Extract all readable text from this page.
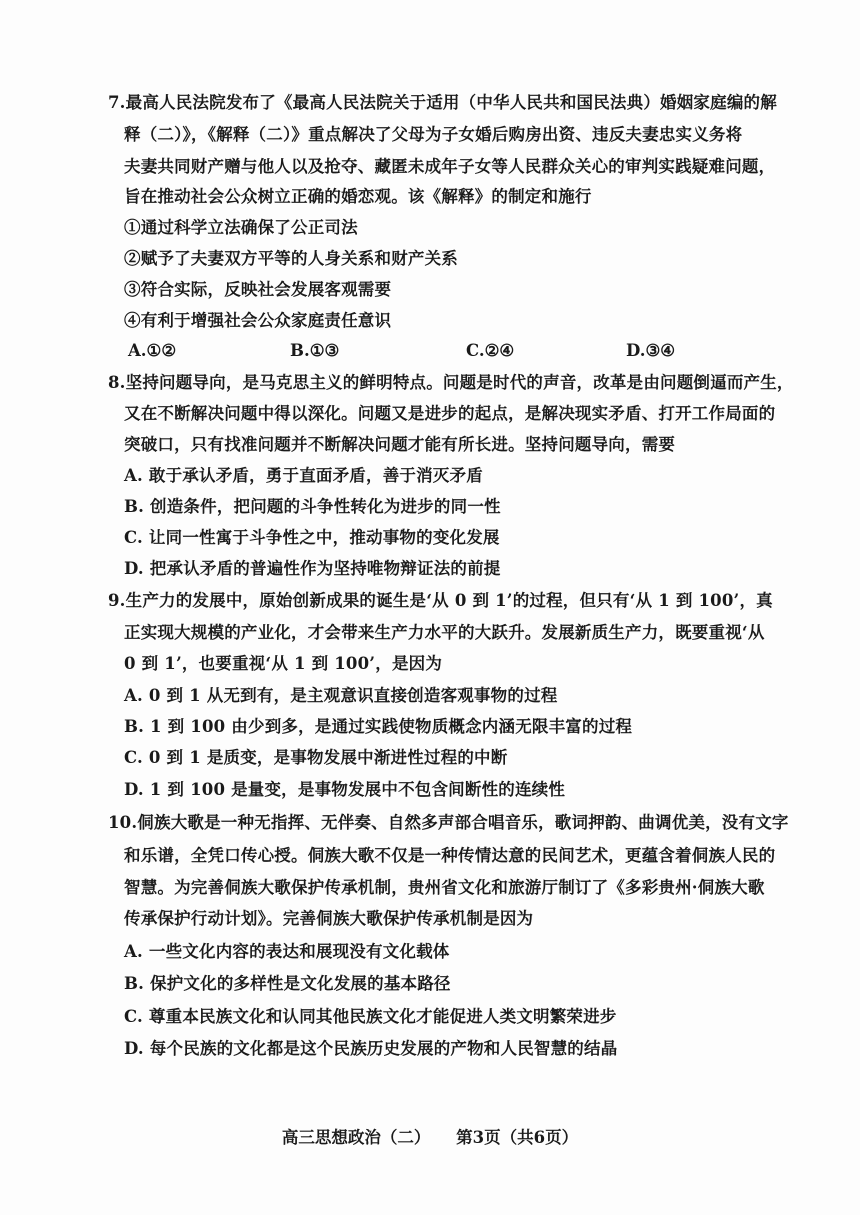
7.最高人民法院发布了《最高人民法院关于适用（中华人民共和国民法典）婚姻家庭编的解
释（二）》，《解释（二）》重点解决了父母为子女婚后购房出资、违反夫妻忠实义务将
夫妻共同财产赠与他人以及抢夺、藏匿未成年子女等人民群众关心的审判实践疑难问题，
旨在推动社会公众树立正确的婚恋观。该《解释》的制定和施行
①通过科学立法确保了公正司法
②赋予了夫妻双方平等的人身关系和财产关系
③符合实际，反映社会发展客观需要
④有利于增强社会公众家庭责任意识
A.①②	B.①③	C.②④	D.③④
8.坚持问题导向，是马克思主义的鲜明特点。问题是时代的声音，改革是由问题倒逼而产生，
又在不断解决问题中得以深化。问题又是进步的起点，是解决现实矛盾、打开工作局面的
突破口，只有找准问题并不断解决问题才能有所长进。坚持问题导向，需要
A. 敢于承认矛盾，勇于直面矛盾，善于消灭矛盾
B. 创造条件，把问题的斗争性转化为进步的同一性
C. 让同一性寓于斗争性之中，推动事物的变化发展
D. 把承认矛盾的普遍性作为坚持唯物辩证法的前提
9.生产力的发展中，原始创新成果的诞生是‘从 0 到 1’的过程，但只有‘从 1 到 100’，真
正实现大规模的产业化，才会带来生产力水平的大跃升。发展新质生产力，既要重视‘从
0 到 1’，也要重视‘从 1 到 100’，是因为
A. 0 到 1 从无到有，是主观意识直接创造客观事物的过程
B. 1 到 100 由少到多，是通过实践使物质概念内涵无限丰富的过程
C. 0 到 1 是质变，是事物发展中渐进性过程的中断
D. 1 到 100 是量变，是事物发展中不包含间断性的连续性
10.侗族大歌是一种无指挥、无伴奏、自然多声部合唱音乐，歌词押韵、曲调优美，没有文字
和乐谱，全凭口传心授。侗族大歌不仅是一种传情达意的民间艺术，更蕴含着侗族人民的
智慧。为完善侗族大歌保护传承机制，贵州省文化和旅游厅制订了《多彩贵州·侗族大歌
传承保护行动计划》。完善侗族大歌保护传承机制是因为
A. 一些文化内容的表达和展现没有文化载体
B. 保护文化的多样性是文化发展的基本路径
C. 尊重本民族文化和认同其他民族文化才能促进人类文明繁荣进步
D. 每个民族的文化都是这个民族历史发展的产物和人民智慧的结晶
高三思想政治（二） 第3页（共6页）
